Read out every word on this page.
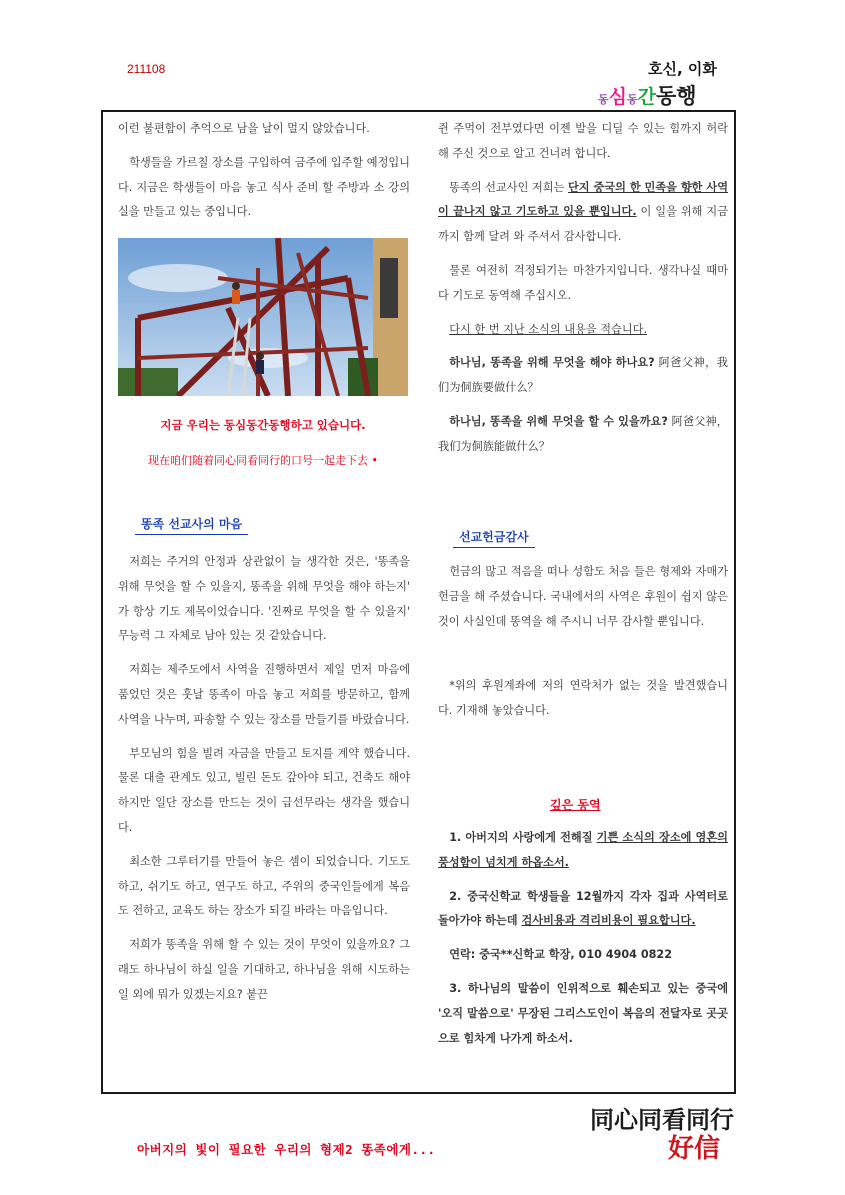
211108	호신, 이화
동심동간동행

이런 불편함이 추억으로 남을 날이 멀지 않았습니다.

학생들을 가르칠 장소를 구입하여 금주에 입주할 예정입니다. 지금은 학생들이 마음 놓고 식사 준비 할 주방과 소 강의실을 만들고 있는 중입니다.

지금 우리는 동심동간동행하고 있습니다.
现在咱们随着同心同看同行的口号一起走下去 •
똥족 선교사의 마음

저희는 주거의 안정과 상관없이 늘 생각한 것은, '똥족을 위해 무엇을 할 수 있을지, 똥족을 위해 무엇을 해야 하는지' 가 항상 기도 제목이었습니다. '진짜로 무엇을 할 수 있을지' 무능력 그 자체로 남아 있는 것 같았습니다.

저희는 제주도에서 사역을 진행하면서 제일 먼저 마음에 품었던 것은 훗날 똥족이 마음 놓고 저희를 방문하고, 함께 사역을 나누며, 파송할 수 있는 장소를 만들기를 바랐습니다.

부모님의 힘을 빌려 자금을 만들고 토지를 계약 했습니다. 물론 대출 관계도 있고, 빌린 돈도 갚아야 되고, 건축도 해야 하지만 일단 장소를 만드는 것이 급선무라는 생각을 했습니다.

최소한 그루터기를 만들어 놓은 셈이 되었습니다. 기도도 하고, 쉬기도 하고, 연구도 하고, 주위의 중국인들에게 복음도 전하고, 교육도 하는 장소가 되길 바라는 마음입니다.

저희가 똥족을 위해 할 수 있는 것이 무엇이 있을까요? 그래도 하나님이 하실 일을 기대하고, 하나님을 위해 시도하는 일 외에 뭐가 있겠는지요? 붙끈

쥔 주먹이 전부였다면 이젠 발을 디딜 수 있는 힘까지 허락해 주신 것으로 알고 건너려 합니다.

똥족의 선교사인 저희는 단지 중국의 한 민족을 향한 사역이 끝나지 않고 기도하고 있을 뿐입니다. 이 일을 위해 지금까지 함께 달려 와 주셔서 감사합니다.

물론 여전히 걱정되기는 마찬가지입니다. 생각나실 때마다 기도로 동역해 주십시오.

다시 한 번 지난 소식의 내용을 적습니다.

하나님, 똥족을 위해 무엇을 해야 하나요? 阿爸父神，我们为侗族要做什么？

하나님, 똥족을 위해 무엇을 할 수 있을까요? 阿爸父神，我们为侗族能做什么？

선교헌금감사

헌금의 많고 적음을 떠나 성함도 처음 들은 형제와 자매가 헌금을 해 주셨습니다. 국내에서의 사역은 후원이 쉽지 않은 것이 사실인데 똥역을 해 주시니 너무 감사할 뿐입니다.

*위의 후원계좌에 저의 연락처가 없는 것을 발견했습니다. 기재해 놓았습니다.

깊은 동역

1. 아버지의 사랑에게 전해질 기쁜 소식의 장소에 영혼의 풍성함이 넘치게 하옵소서.

2. 중국신학교 학생들을 12월까지 각자 집과 사역터로 돌아가야 하는데 검사비용과 격리비용이 필요합니다.

연락: 중국**신학교 학장, 010 4904 0822

3. 하나님의 말씀이 인위적으로 훼손되고 있는 중국에 '오직 말씀으로' 무장된 그리스도인이 복음의 전달자로 곳곳으로 힘차게 나가게 하소서.

아버지의 빛이 필요한 우리의 형제2 똥족에게...
同心同看同行
好信
